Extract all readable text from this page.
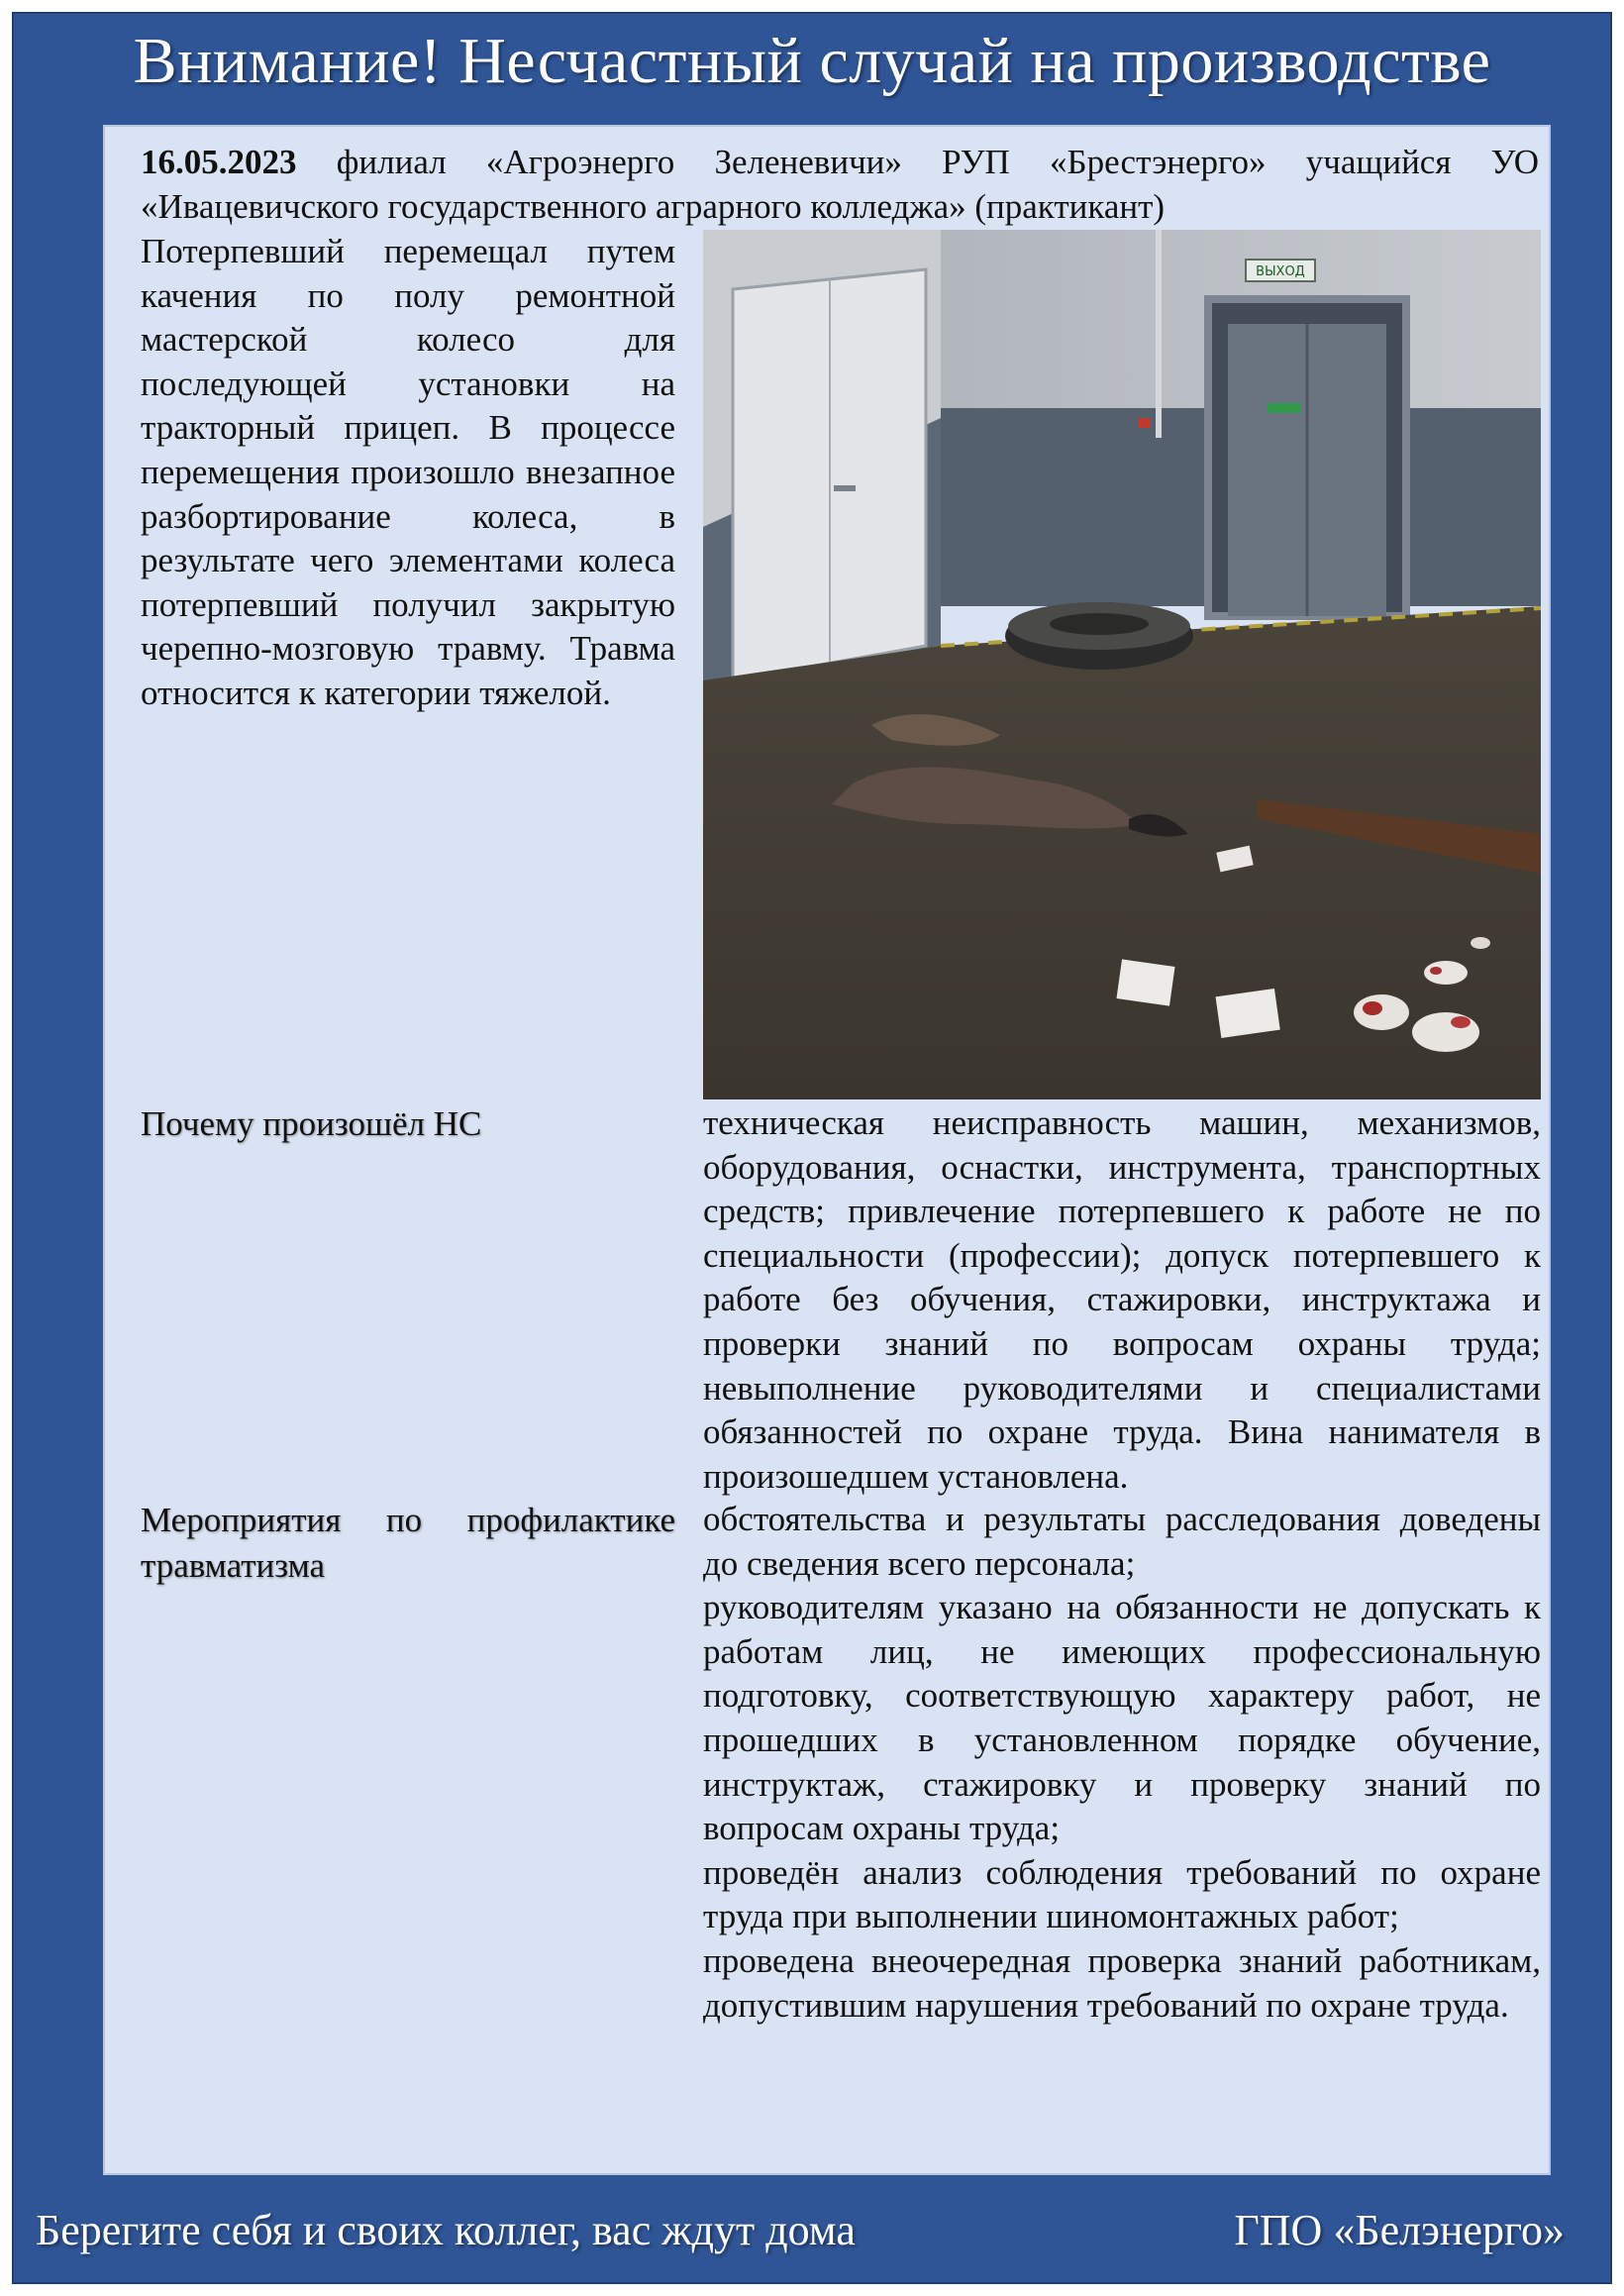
Внимание! Несчастный случай на производстве
16.05.2023 филиал «Агроэнерго Зеленевичи» РУП «Брестэнерго» учащийся УО «Ивацевичского государственного аграрного колледжа» (практикант)
Потерпевший перемещал путем качения по полу ремонтной мастерской колесо для последующей установки на тракторный прицеп. В процессе перемещения произошло внезапное разбортирование колеса, в результате чего элементами колеса потерпевший получил закрытую черепно-мозговую травму. Травма относится к категории тяжелой.
ВЫХОД
Почему произошёл НС	техническая неисправность машин, механизмов, оборудования, оснастки, инструмента, транспортных средств; привлечение потерпевшего к работе не по специальности (профессии); допуск потерпевшего к работе без обучения, стажировки, инструктажа и проверки знаний по вопросам охраны труда; невыполнение руководителями и специалистами обязанностей по охране труда. Вина нанимателя в произошедшем установлена.
Мероприятия по профилактике травматизма

обстоятельства и результаты расследования доведены до сведения всего персонала;

руководителям указано на обязанности не допускать к работам лиц, не имеющих профессиональную подготовку, соответствующую характеру работ, не прошедших в установленном порядке обучение, инструктаж, стажировку и проверку знаний по вопросам охраны труда;

проведён анализ соблюдения требований по охране труда при выполнении шиномонтажных работ;

проведена внеочередная проверка знаний работникам, допустившим нарушения требований по охране труда.

Берегите себя и своих коллег, вас ждут дома	ГПО «Белэнерго»
